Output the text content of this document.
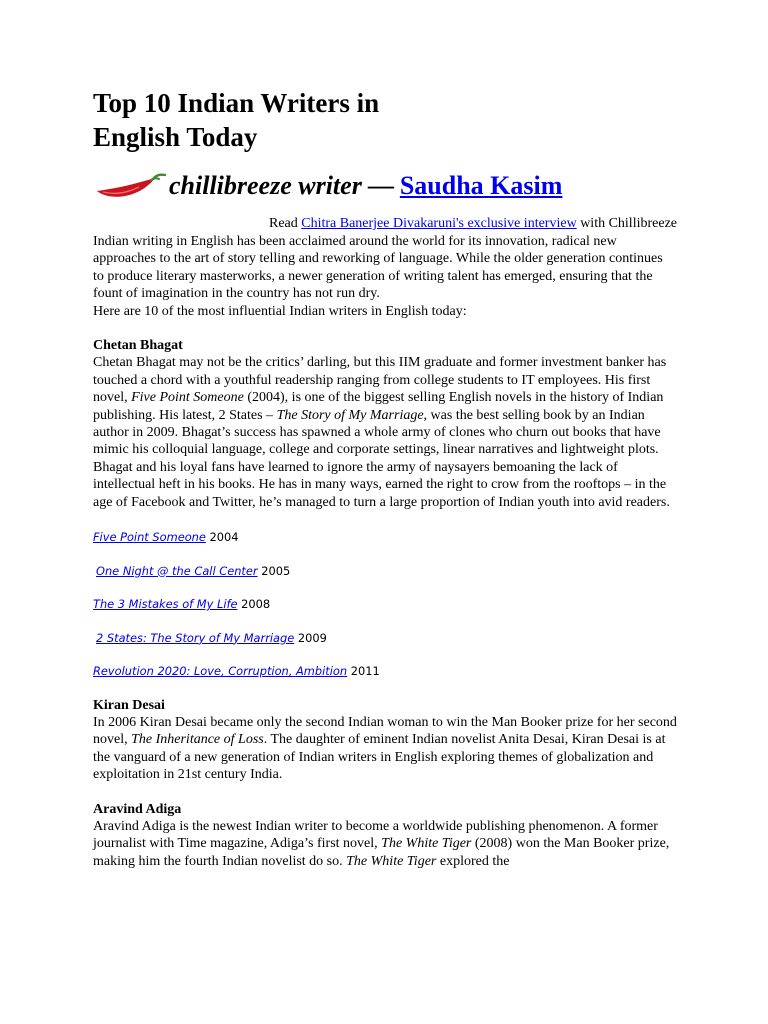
Top 10 Indian Writers in
English Today
chillibreeze writer — Saudha Kasim
Read Chitra Banerjee Divakaruni's exclusive interview with Chillibreeze

Indian writing in English has been acclaimed around the world for its innovation, radical new approaches to the art of story telling and reworking of language. While the older generation continues to produce literary masterworks, a newer generation of writing talent has emerged, ensuring that the fount of imagination in the country has not run dry.

Here are 10 of the most influential Indian writers in English today:

Chetan Bhagat

Chetan Bhagat may not be the critics’ darling, but this IIM graduate and former investment banker has touched a chord with a youthful readership ranging from college students to IT employees. His first novel, Five Point Someone (2004), is one of the biggest selling English novels in the history of Indian publishing. His latest, 2 States – The Story of My Marriage, was the best selling book by an Indian author in 2009. Bhagat’s success has spawned a whole army of clones who churn out books that have mimic his colloquial language, college and corporate settings, linear narratives and lightweight plots. Bhagat and his loyal fans have learned to ignore the army of naysayers bemoaning the lack of intellectual heft in his books. He has in many ways, earned the right to crow from the rooftops – in the age of Facebook and Twitter, he’s managed to turn a large proportion of Indian youth into avid readers.

Five Point Someone 2004
One Night @ the Call Center 2005
The 3 Mistakes of My Life 2008
2 States: The Story of My Marriage 2009
Revolution 2020: Love, Corruption, Ambition 2011
Kiran Desai

In 2006 Kiran Desai became only the second Indian woman to win the Man Booker prize for her second novel, The Inheritance of Loss. The daughter of eminent Indian novelist Anita Desai, Kiran Desai is at the vanguard of a new generation of Indian writers in English exploring themes of globalization and exploitation in 21st century India.

Aravind Adiga

Aravind Adiga is the newest Indian writer to become a worldwide publishing phenomenon. A former journalist with Time magazine, Adiga’s first novel, The White Tiger (2008) won the Man Booker prize, making him the fourth Indian novelist do so. The White Tiger explored the
